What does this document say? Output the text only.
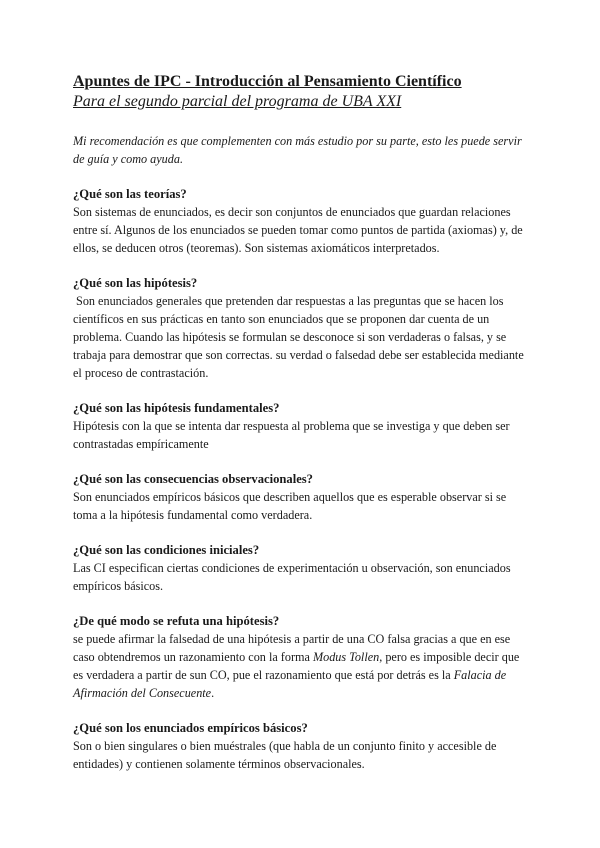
Apuntes de IPC - Introducción al Pensamiento Científico

Para el segundo parcial del programa de UBA XXI

Mi recomendación es que complementen con más estudio por su parte, esto les puede servir de guía y como ayuda.

¿Qué son las teorías?

Son sistemas de enunciados, es decir son conjuntos de enunciados que guardan relaciones entre sí. Algunos de los enunciados se pueden tomar como puntos de partida (axiomas) y, de ellos, se deducen otros (teoremas). Son sistemas axiomáticos interpretados.

¿Qué son las hipótesis?

Son enunciados generales que pretenden dar respuestas a las preguntas que se hacen los científicos en sus prácticas en tanto son enunciados que se proponen dar cuenta de un problema. Cuando las hipótesis se formulan se desconoce si son verdaderas o falsas, y se trabaja para demostrar que son correctas. su verdad o falsedad debe ser establecida mediante el proceso de contrastación.

¿Qué son las hipótesis fundamentales?

Hipótesis con la que se intenta dar respuesta al problema que se investiga y que deben ser contrastadas empíricamente

¿Qué son las consecuencias observacionales?

Son enunciados empíricos básicos que describen aquellos que es esperable observar si se toma a la hipótesis fundamental como verdadera.

¿Qué son las condiciones iniciales?

Las CI especifican ciertas condiciones de experimentación u observación, son enunciados empíricos básicos.

¿De qué modo se refuta una hipótesis?

se puede afirmar la falsedad de una hipótesis a partir de una CO falsa gracias a que en ese caso obtendremos un razonamiento con la forma Modus Tollen, pero es imposible decir que es verdadera a partir de sun CO, pue el razonamiento que está por detrás es la Falacia de Afirmación del Consecuente.

¿Qué son los enunciados empíricos básicos?

Son o bien singulares o bien muéstrales (que habla de un conjunto finito y accesible de entidades) y contienen solamente términos observacionales.
